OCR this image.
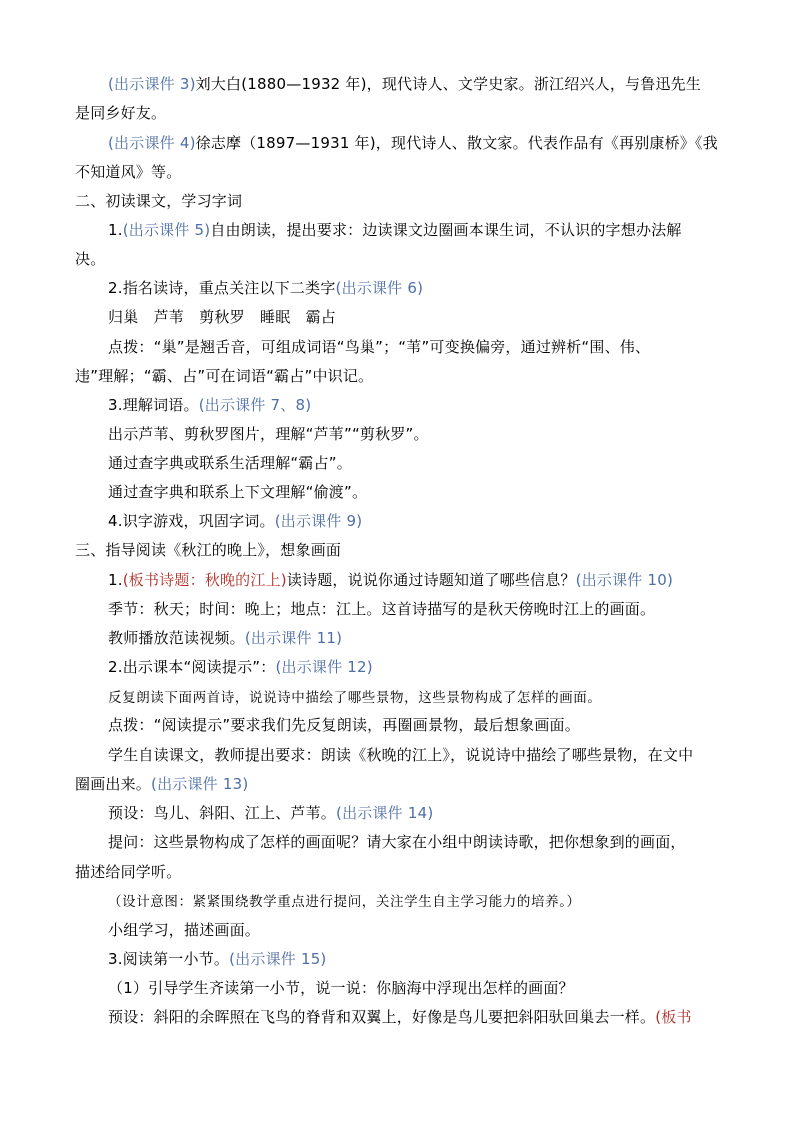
(出示课件 3)刘大白(1880—1932 年)，现代诗人、文学史家。浙江绍兴人，与鲁迅先生
是同乡好友。
(出示课件 4)徐志摩（1897—1931 年)，现代诗人、散文家。代表作品有《再别康桥》《我
不知道风》等。
二、初读课文，学习字词
1.(出示课件 5)自由朗读，提出要求：边读课文边圈画本课生词，不认识的字想办法解
决。
2.指名读诗，重点关注以下二类字(出示课件 6)
归巢　芦苇　剪秋罗　睡眠　霸占
点拨：“巢”是翘舌音，可组成词语“鸟巢”；“苇”可变换偏旁，通过辨析“围、伟、
违”理解；“霸、占”可在词语“霸占”中识记。
3.理解词语。(出示课件 7、8)
出示芦苇、剪秋罗图片，理解“芦苇”“剪秋罗”。
通过查字典或联系生活理解“霸占”。
通过查字典和联系上下文理解“偷渡”。
4.识字游戏，巩固字词。(出示课件 9)
三、指导阅读《秋江的晚上》，想象画面
1.(板书诗题：秋晚的江上)读诗题，说说你通过诗题知道了哪些信息？(出示课件 10)
季节：秋天；时间：晚上；地点：江上。这首诗描写的是秋天傍晚时江上的画面。
教师播放范读视频。(出示课件 11)
2.出示课本“阅读提示”：(出示课件 12)
反复朗读下面两首诗，说说诗中描绘了哪些景物，这些景物构成了怎样的画面。
点拨：“阅读提示”要求我们先反复朗读，再圈画景物，最后想象画面。
学生自读课文，教师提出要求：朗读《秋晚的江上》，说说诗中描绘了哪些景物，在文中
圈画出来。(出示课件 13)
预设：鸟儿、斜阳、江上、芦苇。(出示课件 14)
提问：这些景物构成了怎样的画面呢？请大家在小组中朗读诗歌，把你想象到的画面，
描述给同学听。
（设计意图：紧紧围绕教学重点进行提问，关注学生自主学习能力的培养。）
小组学习，描述画面。
3.阅读第一小节。(出示课件 15)
（1）引导学生齐读第一小节，说一说：你脑海中浮现出怎样的画面？
预设：斜阳的余晖照在飞鸟的脊背和双翼上，好像是鸟儿要把斜阳驮回巢去一样。(板书
